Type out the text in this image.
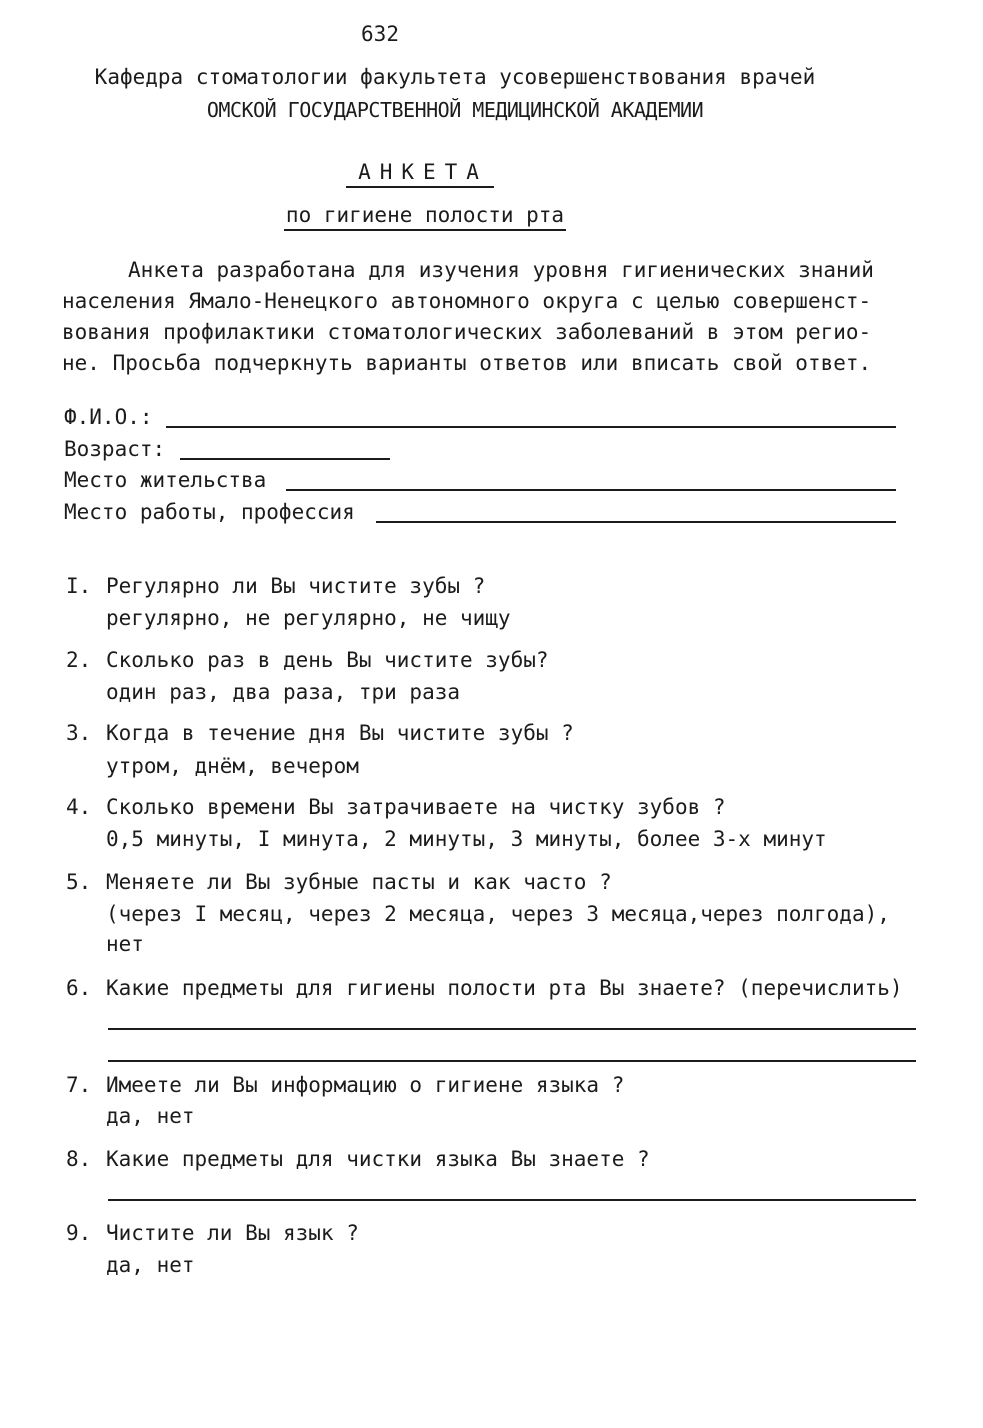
632
Кафедра стоматологии факультета усовершенствования врачей
ОМСКОЙ ГОСУДАРСТВЕННОЙ МЕДИЦИНСКОЙ АКАДЕМИИ
АНКЕТА
по гигиене полости рта
Анкета разработана для изучения уровня гигиенических знаний
населения Ямало-Ненецкого автономного округа с целью совершенст-
вования профилактики стоматологических заболеваний в этом регио-
не. Просьба подчеркнуть варианты ответов или вписать свой ответ.
Ф.И.О.:
Возраст:
Место жительства
Место работы, профессия
I. Регулярно ли Вы чистите зубы ?
регулярно, не регулярно, не чищу
2. Сколько раз в день Вы чистите зубы?
один раз, два раза, три раза
3. Когда в течение дня Вы чистите зубы ?
утром, днём, вечером
4. Сколько времени Вы затрачиваете на чистку зубов ?
0,5 минуты, I минута, 2 минуты, 3 минуты, более 3-х минут
5. Меняете ли Вы зубные пасты и как часто ?
(через I месяц, через 2 месяца, через 3 месяца,через полгода),
нет
6. Какие предметы для гигиены полости рта Вы знаете? (перечислить)
7. Имеете ли Вы информацию о гигиене языка ?
да, нет
8. Какие предметы для чистки языка Вы знаете ?
9. Чистите ли Вы язык ?
да, нет
